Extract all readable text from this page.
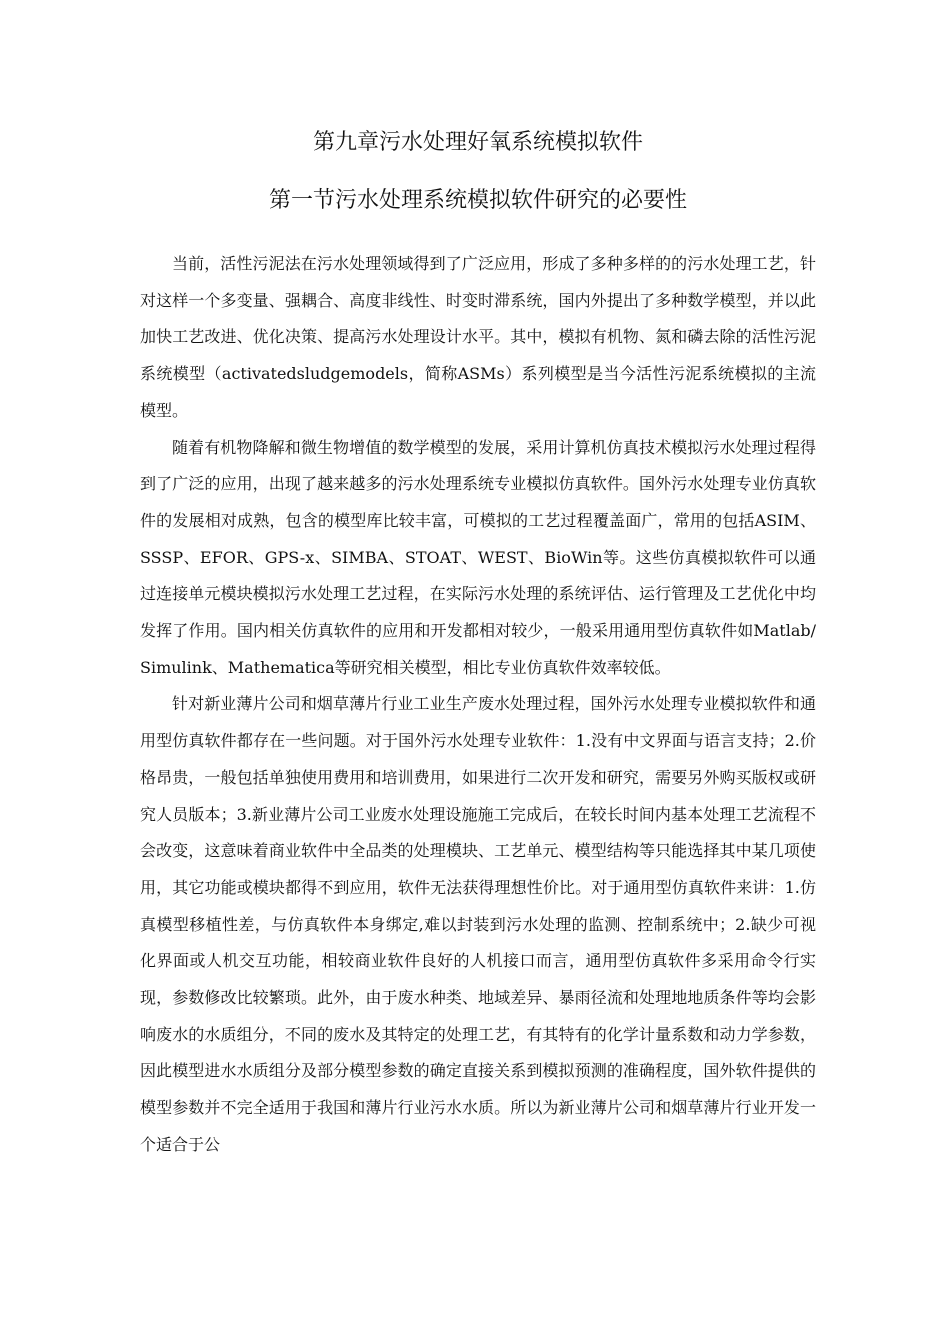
第九章污水处理好氧系统模拟软件
第一节污水处理系统模拟软件研究的必要性

当前，活性污泥法在污水处理领域得到了广泛应用，形成了多种多样的的污水处理工艺，针对这样一个多变量、强耦合、高度非线性、时变时滞系统，国内外提出了多种数学模型，并以此加快工艺改进、优化决策、提高污水处理设计水平。其中，模拟有机物、氮和磷去除的活性污泥系统模型（activatedsludgemodels，简称ASMs）系列模型是当今活性污泥系统模拟的主流模型。

随着有机物降解和微生物增值的数学模型的发展，采用计算机仿真技术模拟污水处理过程得到了广泛的应用，出现了越来越多的污水处理系统专业模拟仿真软件。国外污水处理专业仿真软件的发展相对成熟，包含的模型库比较丰富，可模拟的工艺过程覆盖面广，常用的包括ASIM、SSSP、EFOR、GPS-x、SIMBA、STOAT、WEST、BioWin等。这些仿真模拟软件可以通过连接单元模块模拟污水处理工艺过程，在实际污水处理的系统评估、运行管理及工艺优化中均发挥了作用。国内相关仿真软件的应用和开发都相对较少，一般采用通用型仿真软件如Matlab/Simulink、Mathematica等研究相关模型，相比专业仿真软件效率较低。

针对新业薄片公司和烟草薄片行业工业生产废水处理过程，国外污水处理专业模拟软件和通用型仿真软件都存在一些问题。对于国外污水处理专业软件：1.没有中文界面与语言支持；2.价格昂贵，一般包括单独使用费用和培训费用，如果进行二次开发和研究，需要另外购买版权或研究人员版本；3.新业薄片公司工业废水处理设施施工完成后，在较长时间内基本处理工艺流程不会改变，这意味着商业软件中全品类的处理模块、工艺单元、模型结构等只能选择其中某几项使用，其它功能或模块都得不到应用，软件无法获得理想性价比。对于通用型仿真软件来讲：1.仿真模型移植性差，与仿真软件本身绑定,难以封装到污水处理的监测、控制系统中；2.缺少可视化界面或人机交互功能，相较商业软件良好的人机接口而言，通用型仿真软件多采用命令行实现，参数修改比较繁琐。此外，由于废水种类、地域差异、暴雨径流和处理地地质条件等均会影响废水的水质组分，不同的废水及其特定的处理工艺，有其特有的化学计量系数和动力学参数，因此模型进水水质组分及部分模型参数的确定直接关系到模拟预测的准确程度，国外软件提供的模型参数并不完全适用于我国和薄片行业污水水质。所以为新业薄片公司和烟草薄片行业开发一个适合于公
